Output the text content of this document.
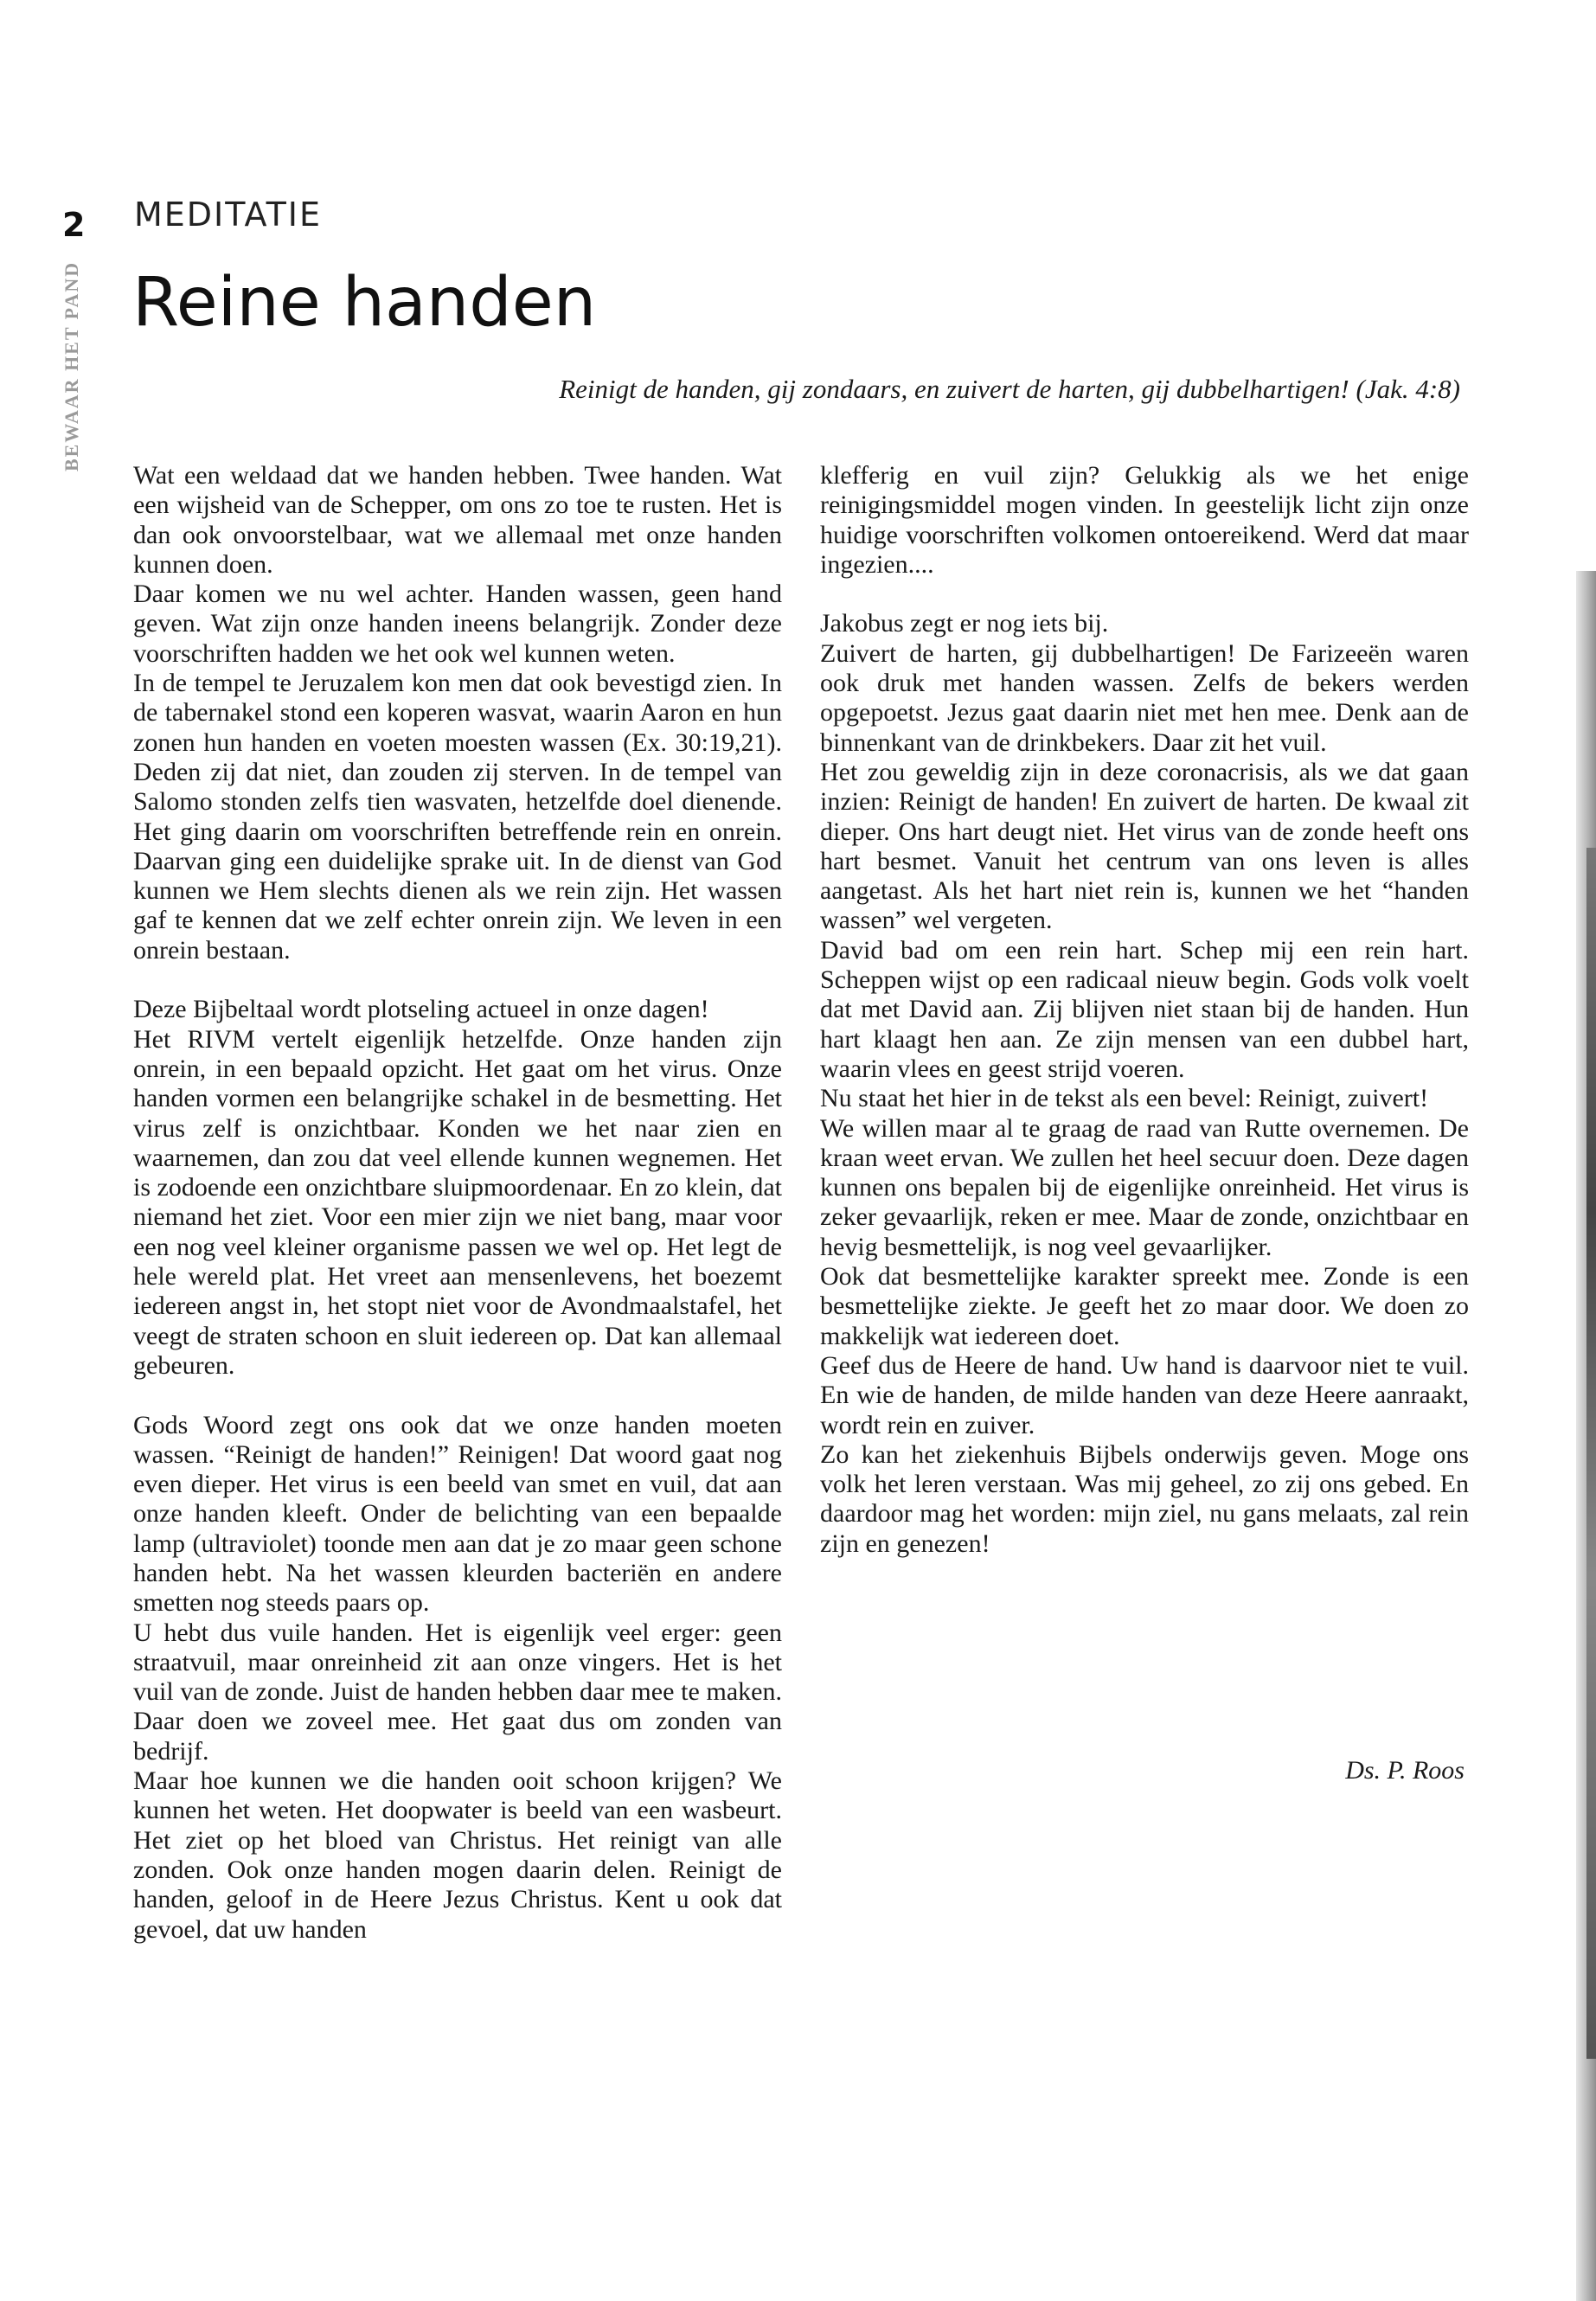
2
BEWAAR HET PAND
MEDITATIE
Reine handen
Reinigt de handen, gij zondaars, en zuivert de harten, gij dubbelhartigen! (Jak. 4:8)

Wat een weldaad dat we handen hebben. Twee handen. Wat een wijsheid van de Schepper, om ons zo toe te rusten. Het is dan ook onvoorstelbaar, wat we allemaal met onze handen kunnen doen.

Daar komen we nu wel achter. Handen wassen, geen hand geven. Wat zijn onze handen ineens belangrijk. Zonder deze voorschriften hadden we het ook wel kunnen weten.

In de tempel te Jeruzalem kon men dat ook bevestigd zien. In de tabernakel stond een koperen wasvat, waarin Aaron en hun zonen hun handen en voeten moesten wassen (Ex. 30:19,21). Deden zij dat niet, dan zouden zij sterven. In de tempel van Salomo stonden zelfs tien wasvaten, hetzelfde doel dienende. Het ging daarin om voorschriften betreffende rein en onrein. Daarvan ging een duidelijke sprake uit. In de dienst van God kunnen we Hem slechts dienen als we rein zijn. Het wassen gaf te kennen dat we zelf echter onrein zijn. We leven in een onrein bestaan.

Deze Bijbeltaal wordt plotseling actueel in onze dagen!

Het RIVM vertelt eigenlijk hetzelfde. Onze handen zijn onrein, in een bepaald opzicht. Het gaat om het virus. Onze handen vormen een belangrijke schakel in de besmetting. Het virus zelf is onzichtbaar. Konden we het naar zien en waarnemen, dan zou dat veel ellende kunnen wegnemen. Het is zodoende een onzichtbare sluipmoordenaar. En zo klein, dat niemand het ziet. Voor een mier zijn we niet bang, maar voor een nog veel kleiner organisme passen we wel op. Het legt de hele wereld plat. Het vreet aan mensenlevens, het boezemt iedereen angst in, het stopt niet voor de Avondmaalstafel, het veegt de straten schoon en sluit iedereen op. Dat kan allemaal gebeuren.

Gods Woord zegt ons ook dat we onze handen moeten wassen. “Reinigt de handen!” Reinigen! Dat woord gaat nog even dieper. Het virus is een beeld van smet en vuil, dat aan onze handen kleeft. Onder de belichting van een bepaalde lamp (ultraviolet) toonde men aan dat je zo maar geen schone handen hebt. Na het wassen kleurden bacteriën en andere smetten nog steeds paars op.

U hebt dus vuile handen. Het is eigenlijk veel erger: geen straatvuil, maar onreinheid zit aan onze vingers. Het is het vuil van de zonde. Juist de handen hebben daar mee te maken. Daar doen we zoveel mee. Het gaat dus om zonden van bedrijf.

Maar hoe kunnen we die handen ooit schoon krijgen? We kunnen het weten. Het doopwater is beeld van een wasbeurt. Het ziet op het bloed van Christus. Het reinigt van alle zonden. Ook onze handen mogen daarin delen. Reinigt de handen, geloof in de Heere Jezus Christus. Kent u ook dat gevoel, dat uw handen

klefferig en vuil zijn? Gelukkig als we het enige reinigingsmiddel mogen vinden. In geestelijk licht zijn onze huidige voorschriften volkomen ontoereikend. Werd dat maar ingezien....

Jakobus zegt er nog iets bij.

Zuivert de harten, gij dubbelhartigen! De Farizeeën waren ook druk met handen wassen. Zelfs de bekers werden opgepoetst. Jezus gaat daarin niet met hen mee. Denk aan de binnenkant van de drinkbekers. Daar zit het vuil.

Het zou geweldig zijn in deze coronacrisis, als we dat gaan inzien: Reinigt de handen! En zuivert de harten. De kwaal zit dieper. Ons hart deugt niet. Het virus van de zonde heeft ons hart besmet. Vanuit het centrum van ons leven is alles aangetast. Als het hart niet rein is, kunnen we het “handen wassen” wel vergeten.

David bad om een rein hart. Schep mij een rein hart. Scheppen wijst op een radicaal nieuw begin. Gods volk voelt dat met David aan. Zij blijven niet staan bij de handen. Hun hart klaagt hen aan. Ze zijn mensen van een dubbel hart, waarin vlees en geest strijd voeren.

Nu staat het hier in de tekst als een bevel: Reinigt, zuivert!

We willen maar al te graag de raad van Rutte overnemen. De kraan weet ervan. We zullen het heel secuur doen. Deze dagen kunnen ons bepalen bij de eigenlijke onreinheid. Het virus is zeker gevaarlijk, reken er mee. Maar de zonde, onzichtbaar en hevig besmettelijk, is nog veel gevaarlijker.

Ook dat besmettelijke karakter spreekt mee. Zonde is een besmettelijke ziekte. Je geeft het zo maar door. We doen zo makkelijk wat iedereen doet.

Geef dus de Heere de hand. Uw hand is daarvoor niet te vuil. En wie de handen, de milde handen van deze Heere aanraakt, wordt rein en zuiver.

Zo kan het ziekenhuis Bijbels onderwijs geven. Moge ons volk het leren verstaan. Was mij geheel, zo zij ons gebed. En daardoor mag het worden: mijn ziel, nu gans melaats, zal rein zijn en genezen!

Ds. P. Roos
